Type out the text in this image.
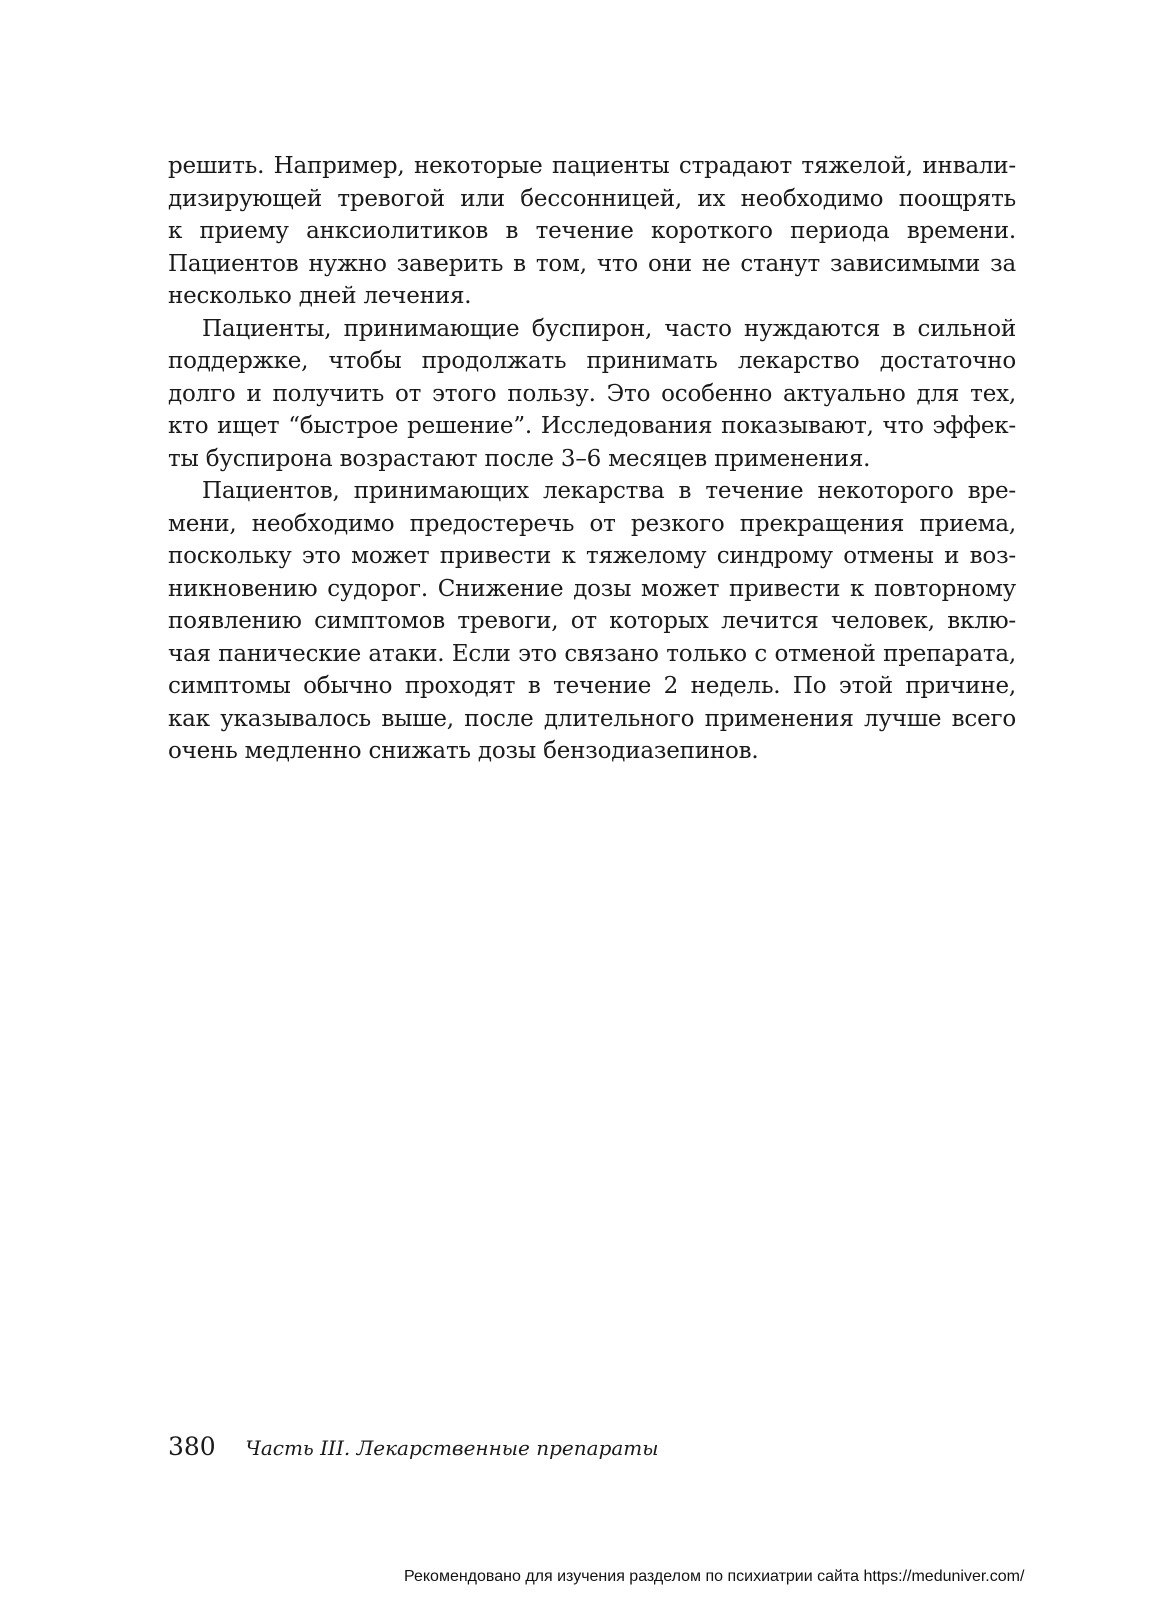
решить. Например, некоторые пациенты страдают тяжелой, инвали-
дизирующей тревогой или бессонницей, их необходимо поощрять
к приему анксиолитиков в течение короткого периода времени.
Пациентов нужно заверить в том, что они не станут зависимыми за
несколько дней лечения.
Пациенты, принимающие буспирон, часто нуждаются в сильной
поддержке, чтобы продолжать принимать лекарство достаточно
долго и получить от этого пользу. Это особенно актуально для тех,
кто ищет “быстрое решение”. Исследования показывают, что эффек-
ты буспирона возрастают после 3–6 месяцев применения.
Пациентов, принимающих лекарства в течение некоторого вре-
мени, необходимо предостеречь от резкого прекращения приема,
поскольку это может привести к тяжелому синдрому отмены и воз-
никновению судорог. Снижение дозы может привести к повторному
появлению симптомов тревоги, от которых лечится человек, вклю-
чая панические атаки. Если это связано только с отменой препарата,
симптомы обычно проходят в течение 2 недель. По этой причине,
как указывалось выше, после длительного применения лучше всего
очень медленно снижать дозы бензодиазепинов.
380 Часть III. Лекарственные препараты
Рекомендовано для изучения разделом по психиатрии сайта https://meduniver.com/
